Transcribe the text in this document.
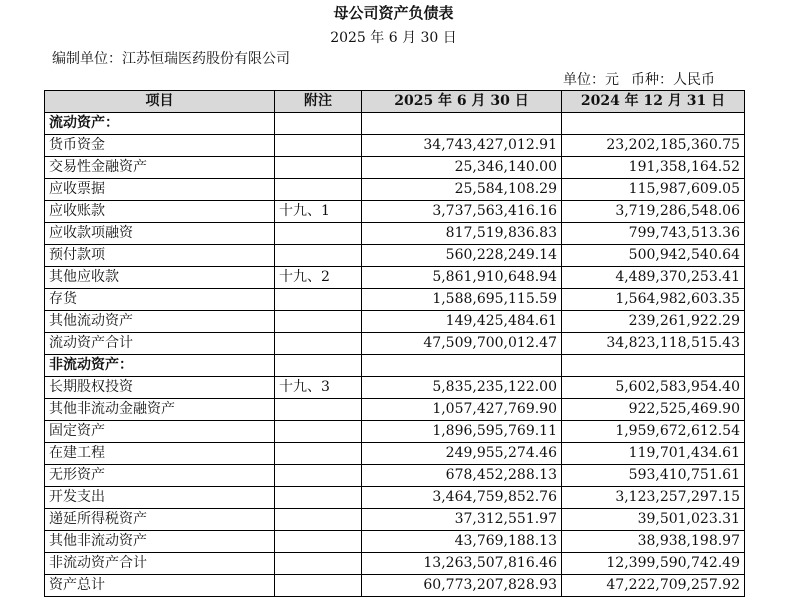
母公司资产负债表
2025 年 6 月 30 日
编制单位：江苏恒瑞医药股份有限公司
单位：元 币种：人民币
项目	附注	2025 年 6 月 30 日	2024 年 12 月 31 日
流动资产：			
货币资金		34,743,427,012.91	23,202,185,360.75
交易性金融资产		25,346,140.00	191,358,164.52
应收票据		25,584,108.29	115,987,609.05
应收账款	十九、1	3,737,563,416.16	3,719,286,548.06
应收款项融资		817,519,836.83	799,743,513.36
预付款项		560,228,249.14	500,942,540.64
其他应收款	十九、2	5,861,910,648.94	4,489,370,253.41
存货		1,588,695,115.59	1,564,982,603.35
其他流动资产		149,425,484.61	239,261,922.29
流动资产合计		47,509,700,012.47	34,823,118,515.43
非流动资产：			
长期股权投资	十九、3	5,835,235,122.00	5,602,583,954.40
其他非流动金融资产		1,057,427,769.90	922,525,469.90
固定资产		1,896,595,769.11	1,959,672,612.54
在建工程		249,955,274.46	119,701,434.61
无形资产		678,452,288.13	593,410,751.61
开发支出		3,464,759,852.76	3,123,257,297.15
递延所得税资产		37,312,551.97	39,501,023.31
其他非流动资产		43,769,188.13	38,938,198.97
非流动资产合计		13,263,507,816.46	12,399,590,742.49
资产总计		60,773,207,828.93	47,222,709,257.92
